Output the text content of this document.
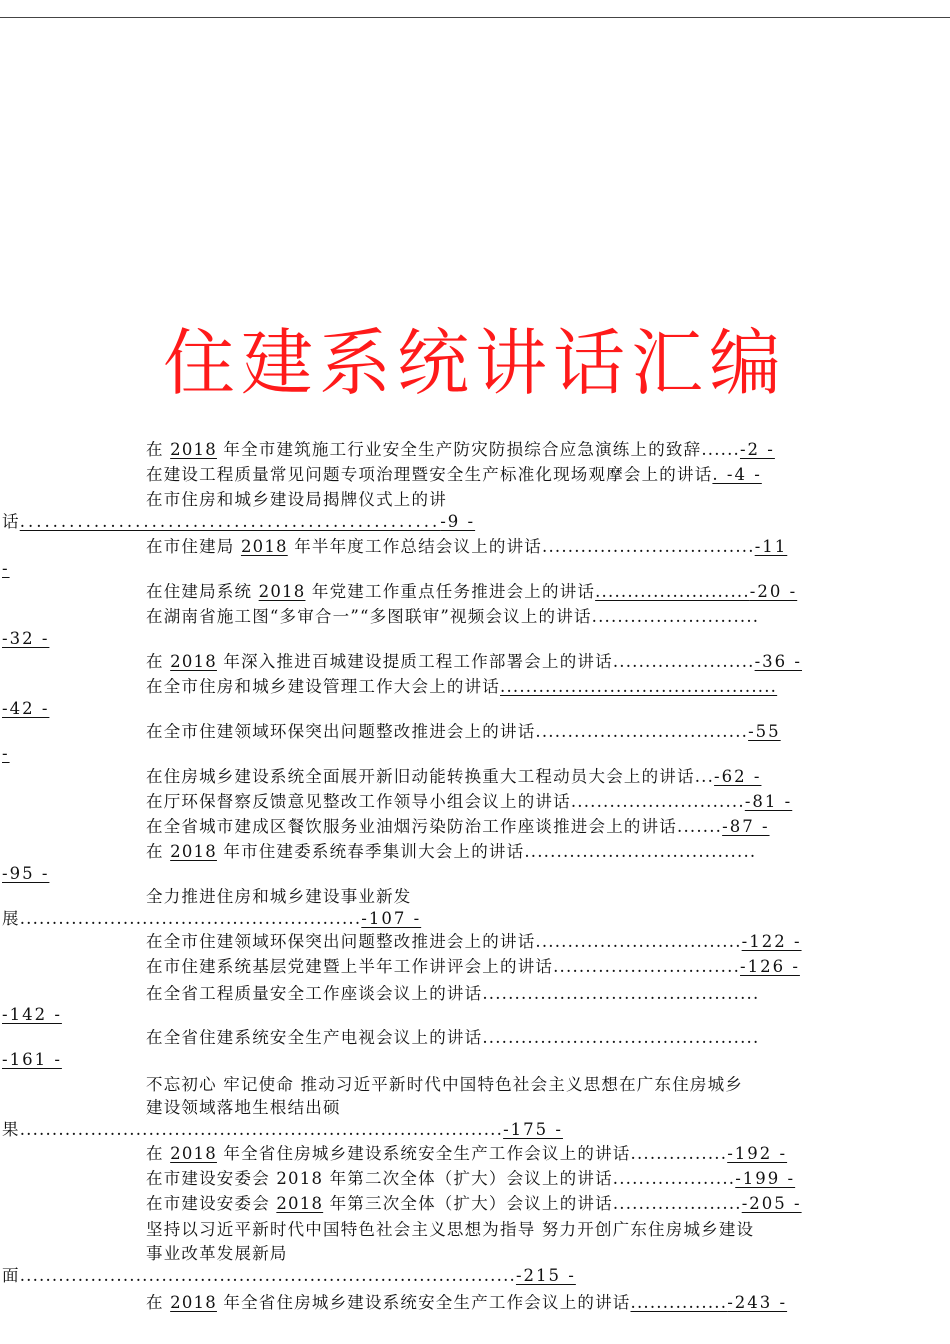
住建系统讲话汇编
在 2018 年全市建筑施工行业安全生产防灾防损综合应急演练上的致辞......-2 -
在建设工程质量常见问题专项治理暨安全生产标准化现场观摩会上的讲话. -4 -
在市住房和城乡建设局揭牌仪式上的讲
话...................................................-9 -
在市住建局 2018 年半年度工作总结会议上的讲话.................................-11
-
在住建局系统 2018 年党建工作重点任务推进会上的讲话........................-20 -
在湖南省施工图“多审合一”“多图联审”视频会议上的讲话..........................
-32 -
在 2018 年深入推进百城建设提质工程工作部署会上的讲话......................-36 -
在全市住房和城乡建设管理工作大会上的讲话...........................................
-42 -
在全市住建领域环保突出问题整改推进会上的讲话.................................-55
-
在住房城乡建设系统全面展开新旧动能转换重大工程动员大会上的讲话...-62 -
在厅环保督察反馈意见整改工作领导小组会议上的讲话...........................-81 -
在全省城市建成区餐饮服务业油烟污染防治工作座谈推进会上的讲话.......-87 -
在 2018 年市住建委系统春季集训大会上的讲话....................................
-95 -
全力推进住房和城乡建设事业新发
展.....................................................-107 -
在全市住建领域环保突出问题整改推进会上的讲话................................-122 -
在市住建系统基层党建暨上半年工作讲评会上的讲话.............................-126 -
在全省工程质量安全工作座谈会议上的讲话...........................................
-142 -
在全省住建系统安全生产电视会议上的讲话...........................................
-161 -
不忘初心 牢记使命 推动习近平新时代中国特色社会主义思想在广东住房城乡
建设领域落地生根结出硕
果...........................................................................-175 -
在 2018 年全省住房城乡建设系统安全生产工作会议上的讲话...............-192 -
在市建设安委会 2018 年第二次全体（扩大）会议上的讲话...................-199 -
在市建设安委会 2018 年第三次全体（扩大）会议上的讲话....................-205 -
坚持以习近平新时代中国特色社会主义思想为指导 努力开创广东住房城乡建设
事业改革发展新局
面.............................................................................-215 -
在 2018 年全省住房城乡建设系统安全生产工作会议上的讲话...............-243 -
